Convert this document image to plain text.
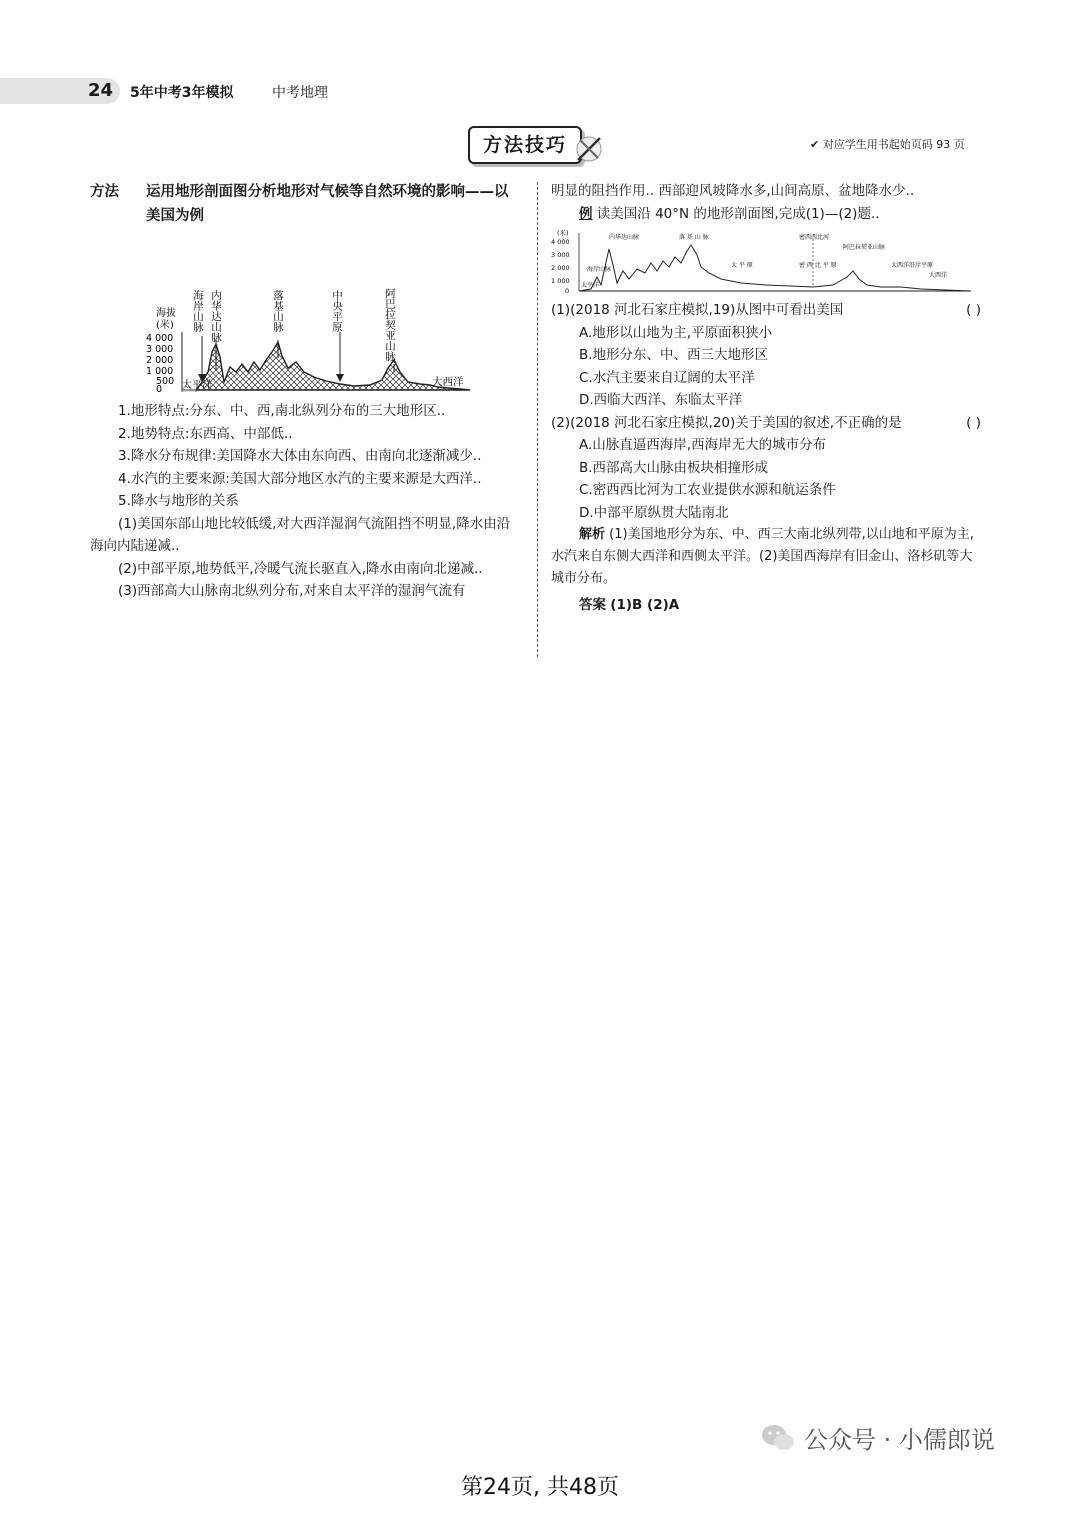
24 5年中考3年模拟	中考地理
方法技巧	✔ 对应学生用书起始页码 93 页
方法	运用地形剖面图分析地形对气候等自然环境的影响——以美国为例
海拔
(米)
4 000
3 000
2 000
1 000
500
0
海岸山脉 内华达山脉	落基山脉	中央平原	阿巴拉契亚山脉
太平洋	大西洋

1.地形特点:分东、中、西,南北纵列分布的三大地形区..

2.地势特点:东西高、中部低..

3.降水分布规律:美国降水大体由东向西、由南向北逐渐减少..

4.水汽的主要来源:美国大部分地区水汽的主要来源是大西洋..

5.降水与地形的关系

(1)美国东部山地比较低缓,对大西洋湿润气流阻挡不明显,降水由沿海向内陆递减..

(2)中部平原,地势低平,冷暖气流长驱直入,降水由南向北递减..

(3)西部高大山脉南北纵列分布,对来自太平洋的湿润气流有

明显的阻挡作用.. 西部迎风坡降水多,山间高原、盆地降水少..

例 读美国沿 40°N 的地形剖面图,完成(1)—(2)题..

(米)
4 000
3 000
2 000
1 000
0
太平洋
海岸山脉
内华达山脉	落 基 山 脉	密西西比河
大 平 原	密 西 比 平 原
阿巴拉契亚山脉
大西洋沿岸平原
大西洋
(1)(2018 河北石家庄模拟,19)从图中可看出美国	( )

A.地形以山地为主,平原面积狭小

B.地形分东、中、西三大地形区

C.水汽主要来自辽阔的太平洋

D.西临大西洋、东临太平洋

(2)(2018 河北石家庄模拟,20)关于美国的叙述,不正确的是	( )

A.山脉直逼西海岸,西海岸无大的城市分布

B.西部高大山脉由板块相撞形成

C.密西西比河为工农业提供水源和航运条件

D.中部平原纵贯大陆南北

解析 (1)美国地形分为东、中、西三大南北纵列带,以山地和平原为主,水汽来自东侧大西洋和西侧太平洋。(2)美国西海岸有旧金山、洛杉矶等大城市分布。

答案 (1)B (2)A

公众号 · 小儒郎说
第24页, 共48页
